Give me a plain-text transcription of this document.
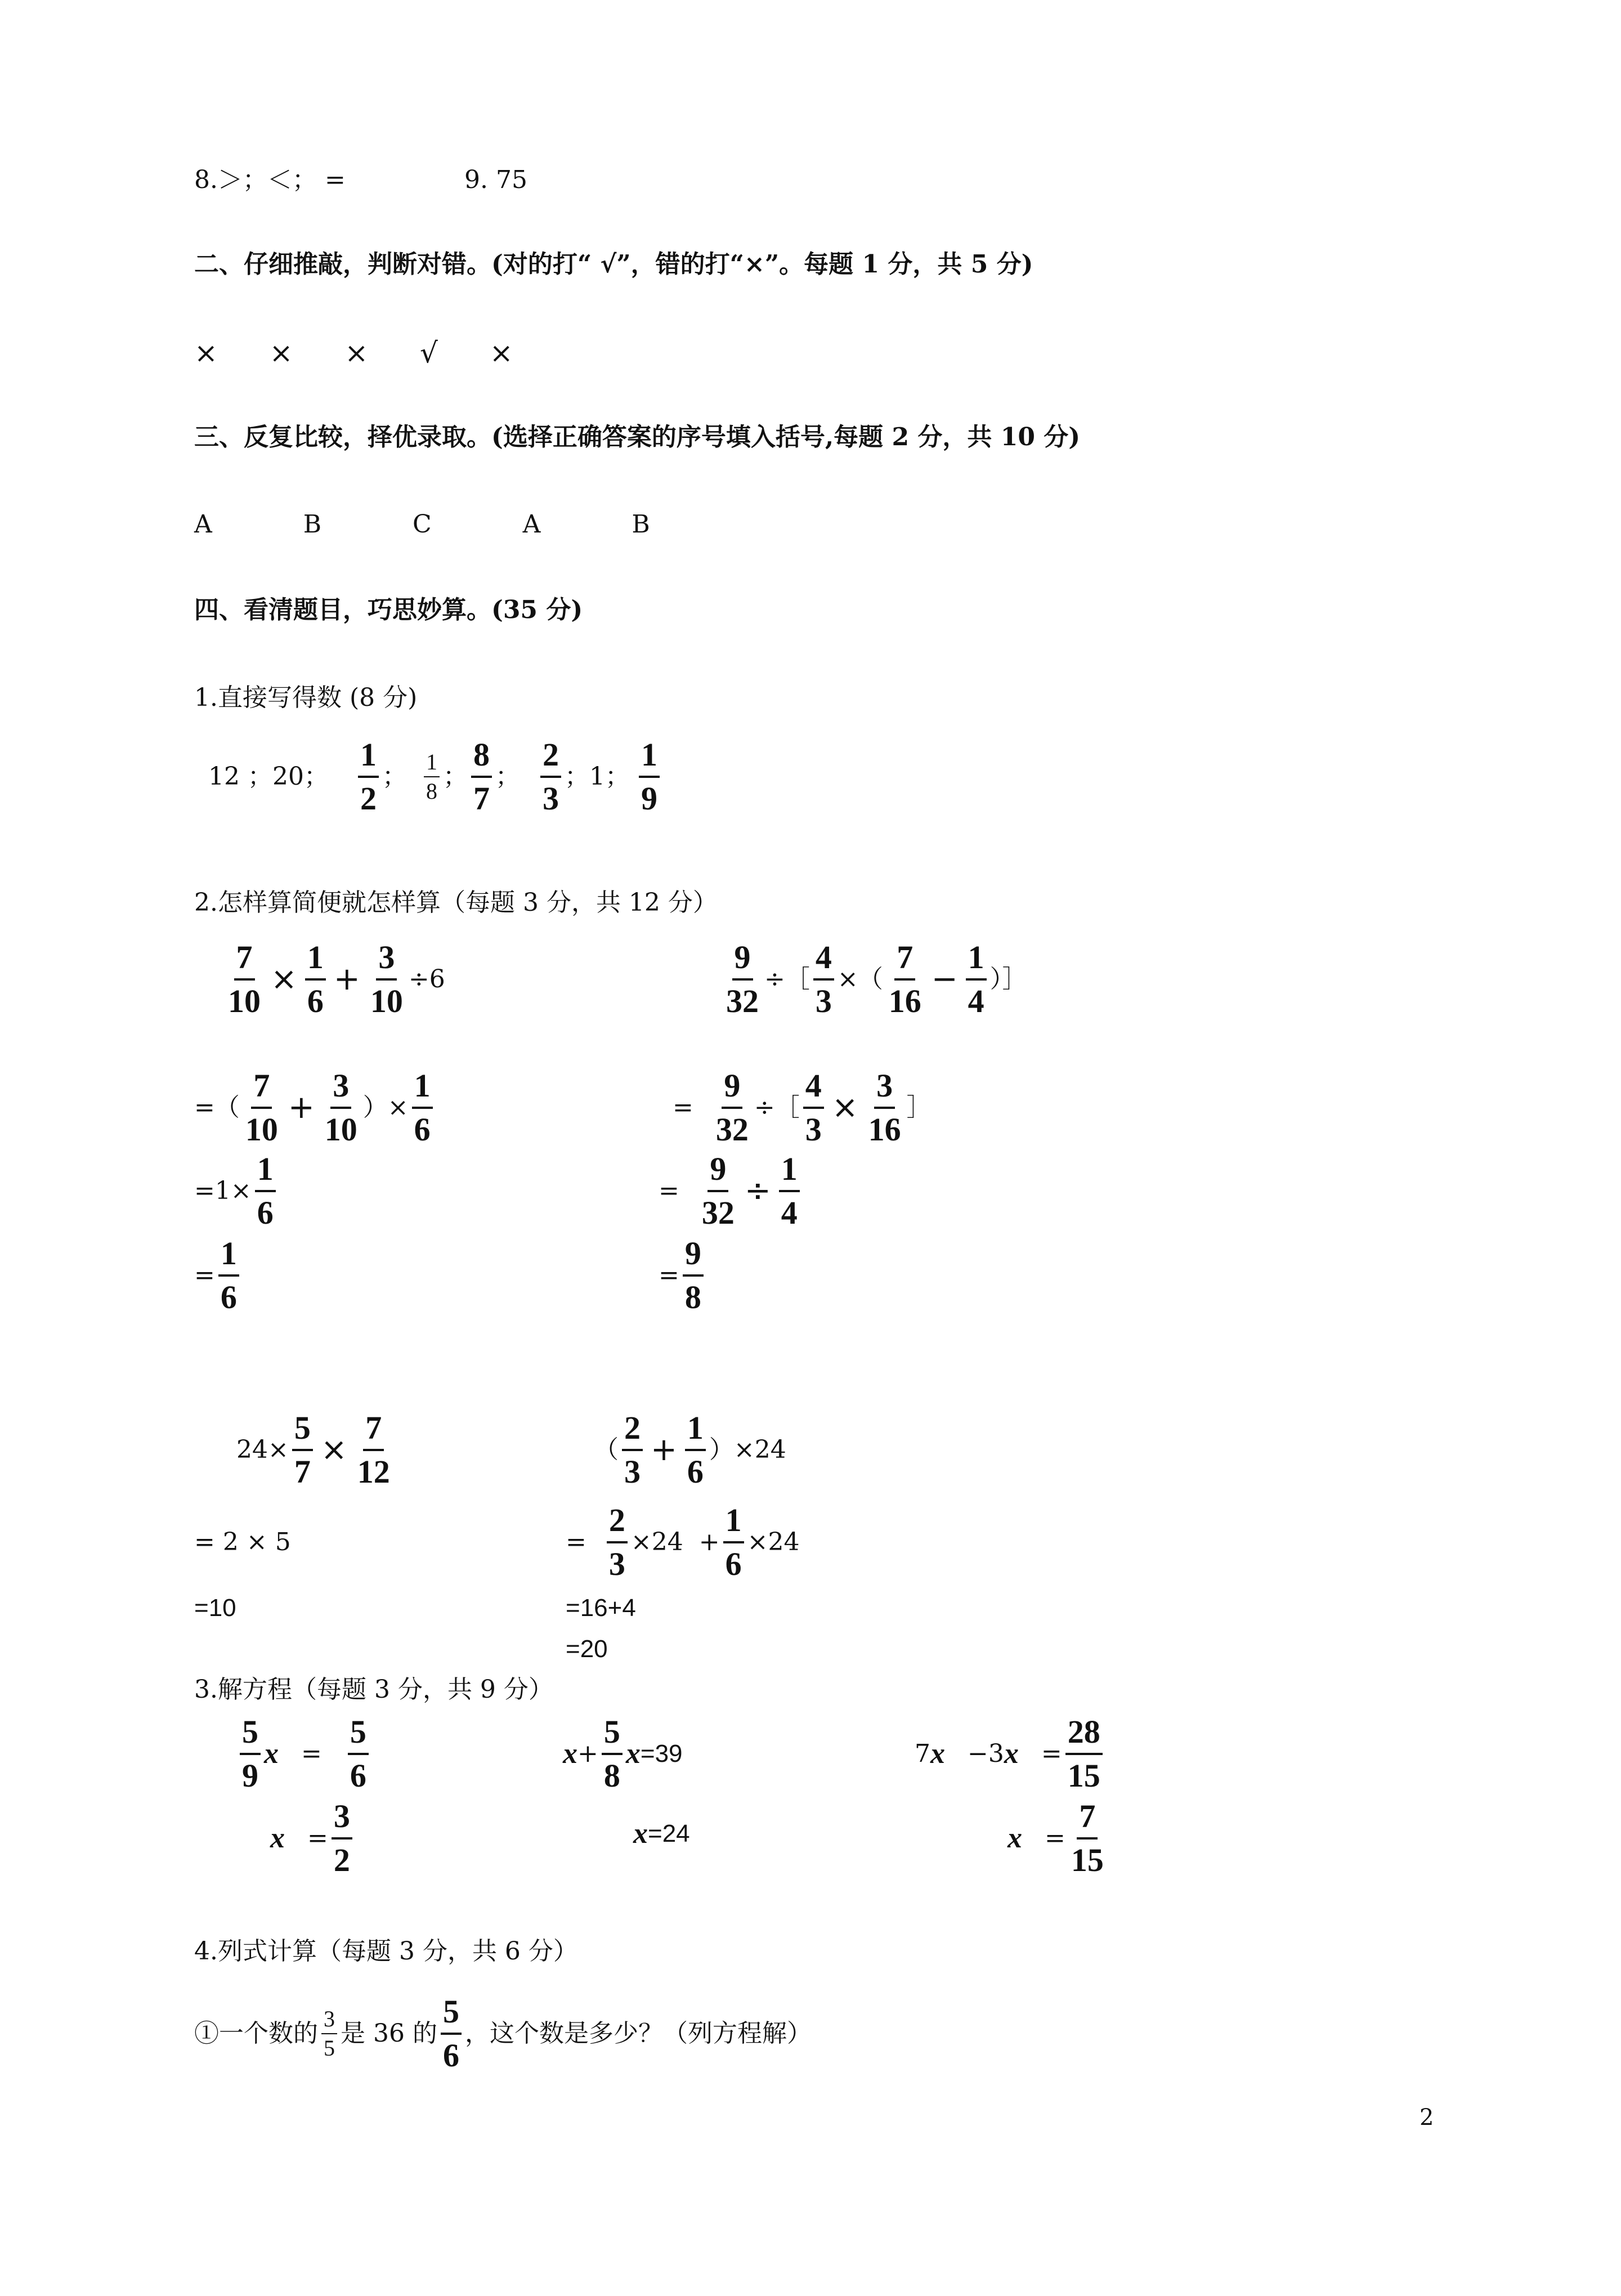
8.＞；＜； =	9. 75
二、仔细推敲，判断对错。(对的打“ √”，错的打“×”。每题 1 分，共 5 分)
×  ×  ×  √  ×
三、反复比较，择优录取。(选择正确答案的序号填入括号,每题 2 分，共 10 分)
A   B   C   A   B
四、看清题目，巧思妙算。(35 分)
1.直接写得数 (8 分)
12 ；20； $\frac{1}{2}$ ； $\frac{1}{8}$ ； $\frac{8}{7}$ ； $\frac{2}{3}$ ；1； $\frac{1}{9}$
2.怎样算简便就怎样算（每题 3 分，共 12 分）
$\frac{7}{10} \times \frac{1}{6} + \frac{3}{10} \div 6$
=（ $\frac{7}{10} + \frac{3}{10}$ ）× $\frac{1}{6}$
$=1\times \frac{1}{6}$
= $\frac{1}{6}$
$\frac{9}{32}$ ÷［ $\frac{4}{3}$ ×（ $\frac{7}{16} - \frac{1}{4}$ ）］
= $\frac{9}{32}$ ÷［ $\frac{4}{3} \times \frac{3}{16}$ ］
= $\frac{9}{32} \div \frac{1}{4}$
= $\frac{9}{8}$
$24\times \frac{5}{7} \times \frac{7}{12}$
= 2 × 5
=10
（ $\frac{2}{3} + \frac{1}{6} )\times 24$
= $\frac{2}{3} \times 24 + \frac{1}{6} \times 24$
=16+4
=20
3.解方程（每题 3 分，共 9 分）
$\frac{5}{9}$ $x = \frac{5}{6}$
$x = \frac{3}{2}$
$x + \frac{5}{8}$ x =39
x =24
7 x −3 $x = \frac{28}{15}$
$x = \frac{7}{15}$
4.列式计算（每题 3 分，共 6 分）
①一个数的 $\frac{3}{5}$ 是 36 的 $\frac{5}{6}$ ，这个数是多少？（列方程解）
2
